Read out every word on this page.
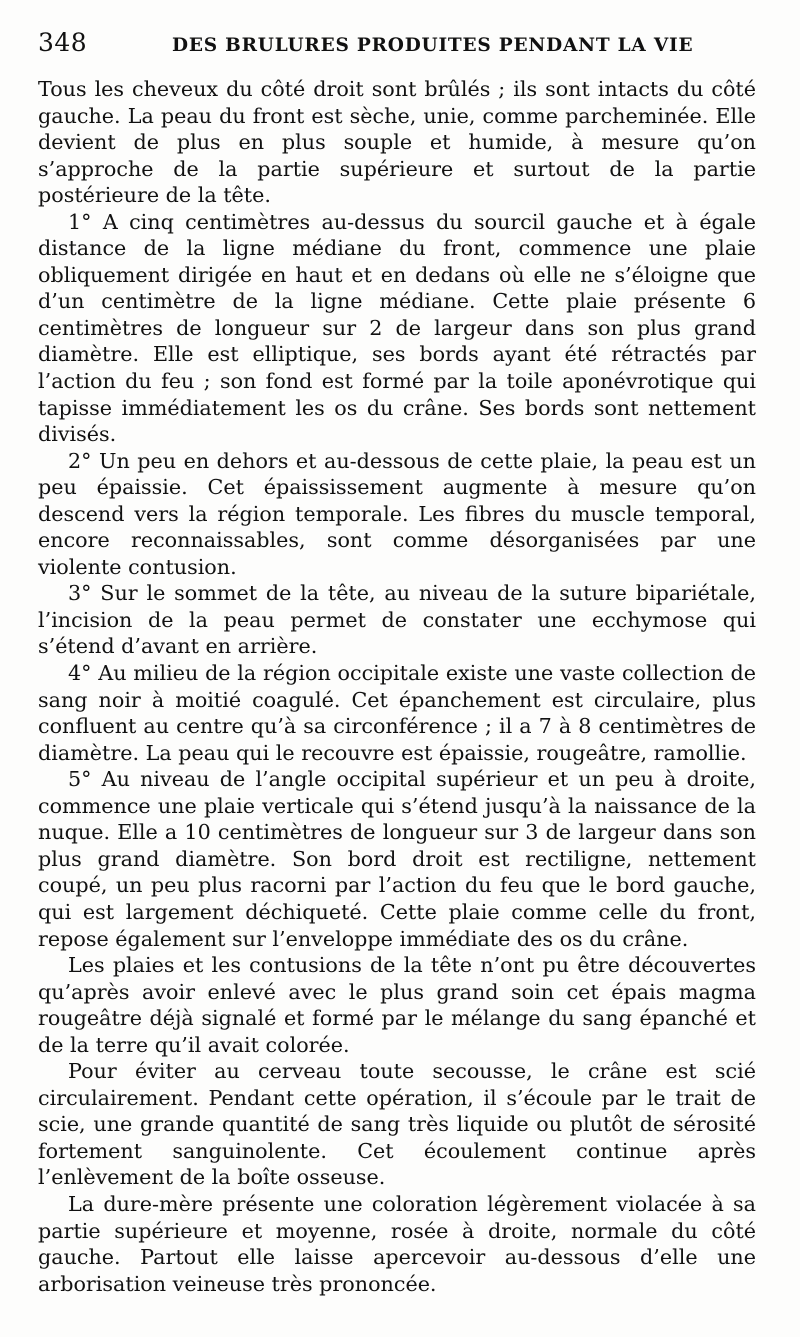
348	DES BRULURES PRODUITES PENDANT LA VIE

Tous les cheveux du côté droit sont brûlés ; ils sont intacts du côté gauche. La peau du front est sèche, unie, comme parcheminée. Elle devient de plus en plus souple et humide, à mesure qu’on s’approche de la partie supérieure et surtout de la partie postérieure de la tête.

1° A cinq centimètres au-dessus du sourcil gauche et à égale distance de la ligne médiane du front, commence une plaie obliquement dirigée en haut et en dedans où elle ne s’éloigne que d’un centimètre de la ligne médiane. Cette plaie présente 6 centimètres de longueur sur 2 de largeur dans son plus grand diamètre. Elle est elliptique, ses bords ayant été rétractés par l’action du feu ; son fond est formé par la toile aponévrotique qui tapisse immédiatement les os du crâne. Ses bords sont nettement divisés.

2° Un peu en dehors et au-dessous de cette plaie, la peau est un peu épaissie. Cet épaississement augmente à mesure qu’on descend vers la région temporale. Les fibres du muscle temporal, encore reconnaissables, sont comme désorganisées par une violente contusion.

3° Sur le sommet de la tête, au niveau de la suture bipariétale, l’incision de la peau permet de constater une ecchymose qui s’étend d’avant en arrière.

4° Au milieu de la région occipitale existe une vaste collection de sang noir à moitié coagulé. Cet épanchement est circulaire, plus confluent au centre qu’à sa circonférence ; il a 7 à 8 centimètres de diamètre. La peau qui le recouvre est épaissie, rougeâtre, ramollie.

5° Au niveau de l’angle occipital supérieur et un peu à droite, commence une plaie verticale qui s’étend jusqu’à la naissance de la nuque. Elle a 10 centimètres de longueur sur 3 de largeur dans son plus grand diamètre. Son bord droit est rectiligne, nettement coupé, un peu plus racorni par l’action du feu que le bord gauche, qui est largement déchiqueté. Cette plaie comme celle du front, repose également sur l’enveloppe immédiate des os du crâne.

Les plaies et les contusions de la tête n’ont pu être découvertes qu’après avoir enlevé avec le plus grand soin cet épais magma rougeâtre déjà signalé et formé par le mélange du sang épanché et de la terre qu’il avait colorée.

Pour éviter au cerveau toute secousse, le crâne est scié circulairement. Pendant cette opération, il s’écoule par le trait de scie, une grande quantité de sang très liquide ou plutôt de sérosité fortement sanguinolente. Cet écoulement continue après l’enlèvement de la boîte osseuse.

La dure-mère présente une coloration légèrement violacée à sa partie supérieure et moyenne, rosée à droite, normale du côté gauche. Partout elle laisse apercevoir au-dessous d’elle une arborisation veineuse très prononcée.
